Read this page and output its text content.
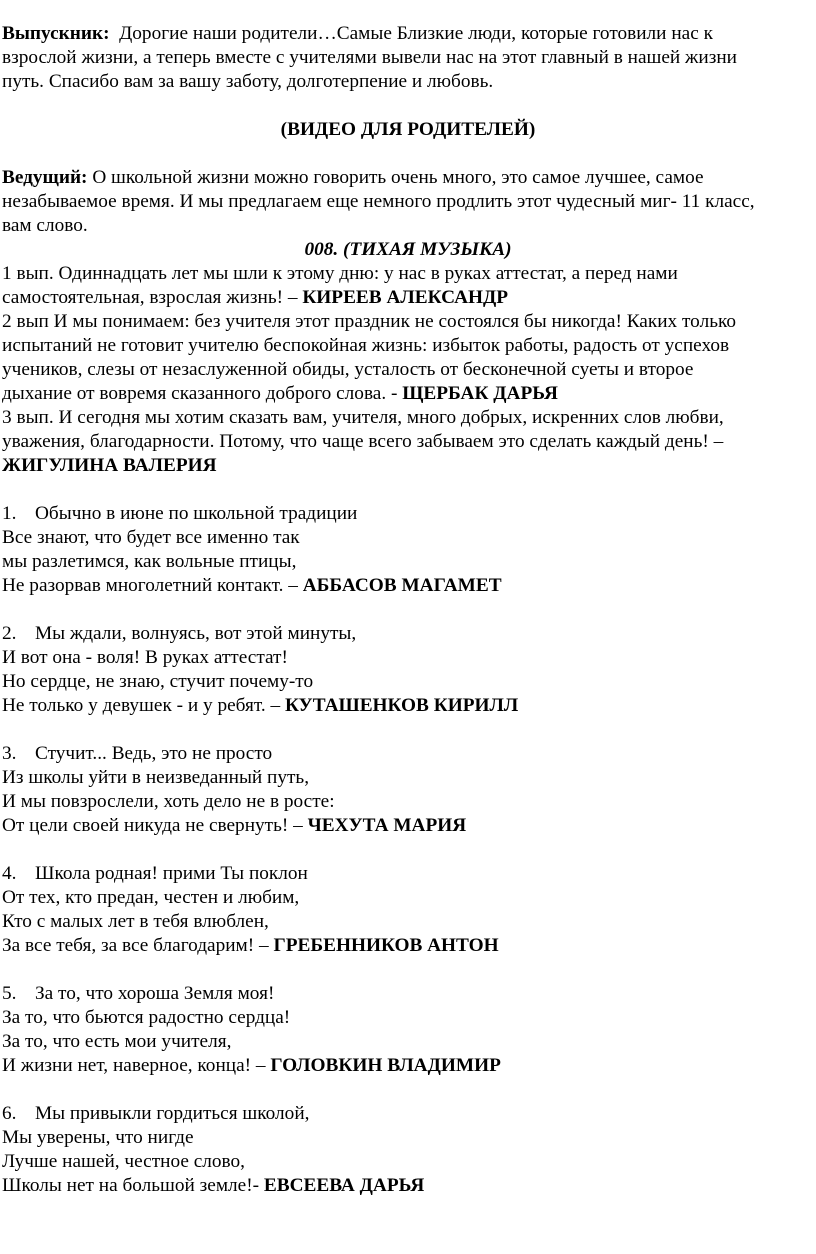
Выпускник: Дорогие наши родители…Самые Близкие люди, которые готовили нас к

взрослой жизни, а теперь вместе с учителями вывели нас на этот главный в нашей жизни

путь. Спасибо вам за вашу заботу, долготерпение и любовь.

(ВИДЕО ДЛЯ РОДИТЕЛЕЙ)

Ведущий: О школьной жизни можно говорить очень много, это самое лучшее, самое

незабываемое время. И мы предлагаем еще немного продлить этот чудесный миг- 11 класс,

вам слово.

008. (ТИХАЯ МУЗЫКА)

1 вып. Одиннадцать лет мы шли к этому дню: у нас в руках аттестат, а перед нами

самостоятельная, взрослая жизнь! – КИРЕЕВ АЛЕКСАНДР

2 вып И мы понимаем: без учителя этот праздник не состоялся бы никогда! Каких только

испытаний не готовит учителю беспокойная жизнь: избыток работы, радость от успехов

учеников, слезы от незаслуженной обиды, усталость от бесконечной суеты и второе

дыхание от вовремя сказанного доброго слова. - ЩЕРБАК ДАРЬЯ

3 вып. И сегодня мы хотим сказать вам, учителя, много добрых, искренних слов любви,

уважения, благодарности. Потому, что чаще всего забываем это сделать каждый день! –

ЖИГУЛИНА ВАЛЕРИЯ

1. Обычно в июне по школьной традиции

Все знают, что будет все именно так

мы разлетимся, как вольные птицы,

Не разорвав многолетний контакт. – АББАСОВ МАГАМЕТ

2. Мы ждали, волнуясь, вот этой минуты,

И вот она - воля! В руках аттестат!

Но сердце, не знаю, стучит почему-то

Не только у девушек - и у ребят. – КУТАШЕНКОВ КИРИЛЛ

3. Стучит... Ведь, это не просто

Из школы уйти в неизведанный путь,

И мы повзрослели, хоть дело не в росте:

От цели своей никуда не свернуть! – ЧЕХУТА МАРИЯ

4. Школа родная! прими Ты поклон

От тех, кто предан, честен и любим,

Кто с малых лет в тебя влюблен,

За все тебя, за все благодарим! – ГРЕБЕННИКОВ АНТОН

5. За то, что хороша Земля моя!

За то, что бьются радостно сердца!

За то, что есть мои учителя,

И жизни нет, наверное, конца! – ГОЛОВКИН ВЛАДИМИР

6. Мы привыкли гордиться школой,

Мы уверены, что нигде

Лучше нашей, честное слово,

Школы нет на большой земле!- ЕВСЕЕВА ДАРЬЯ
